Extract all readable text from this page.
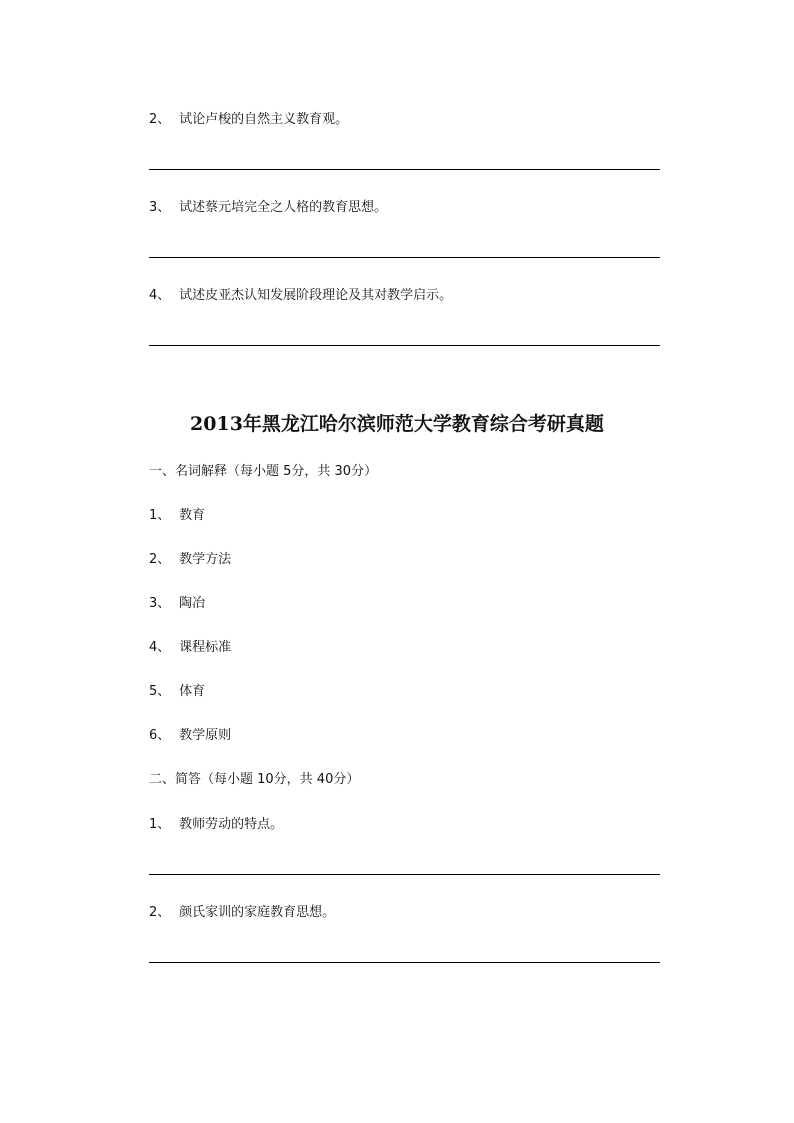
2、 试论卢梭的自然主义教育观。
3、 试述蔡元培完全之人格的教育思想。
4、 试述皮亚杰认知发展阶段理论及其对教学启示。
2013年黑龙江哈尔滨师范大学教育综合考研真题
一、名词解释（每小题 5分，共 30分）
1、 教育
2、 教学方法
3、 陶冶
4、 课程标准
5、 体育
6、 教学原则
二、简答（每小题 10分，共 40分）
1、 教师劳动的特点。
2、 颜氏家训的家庭教育思想。
